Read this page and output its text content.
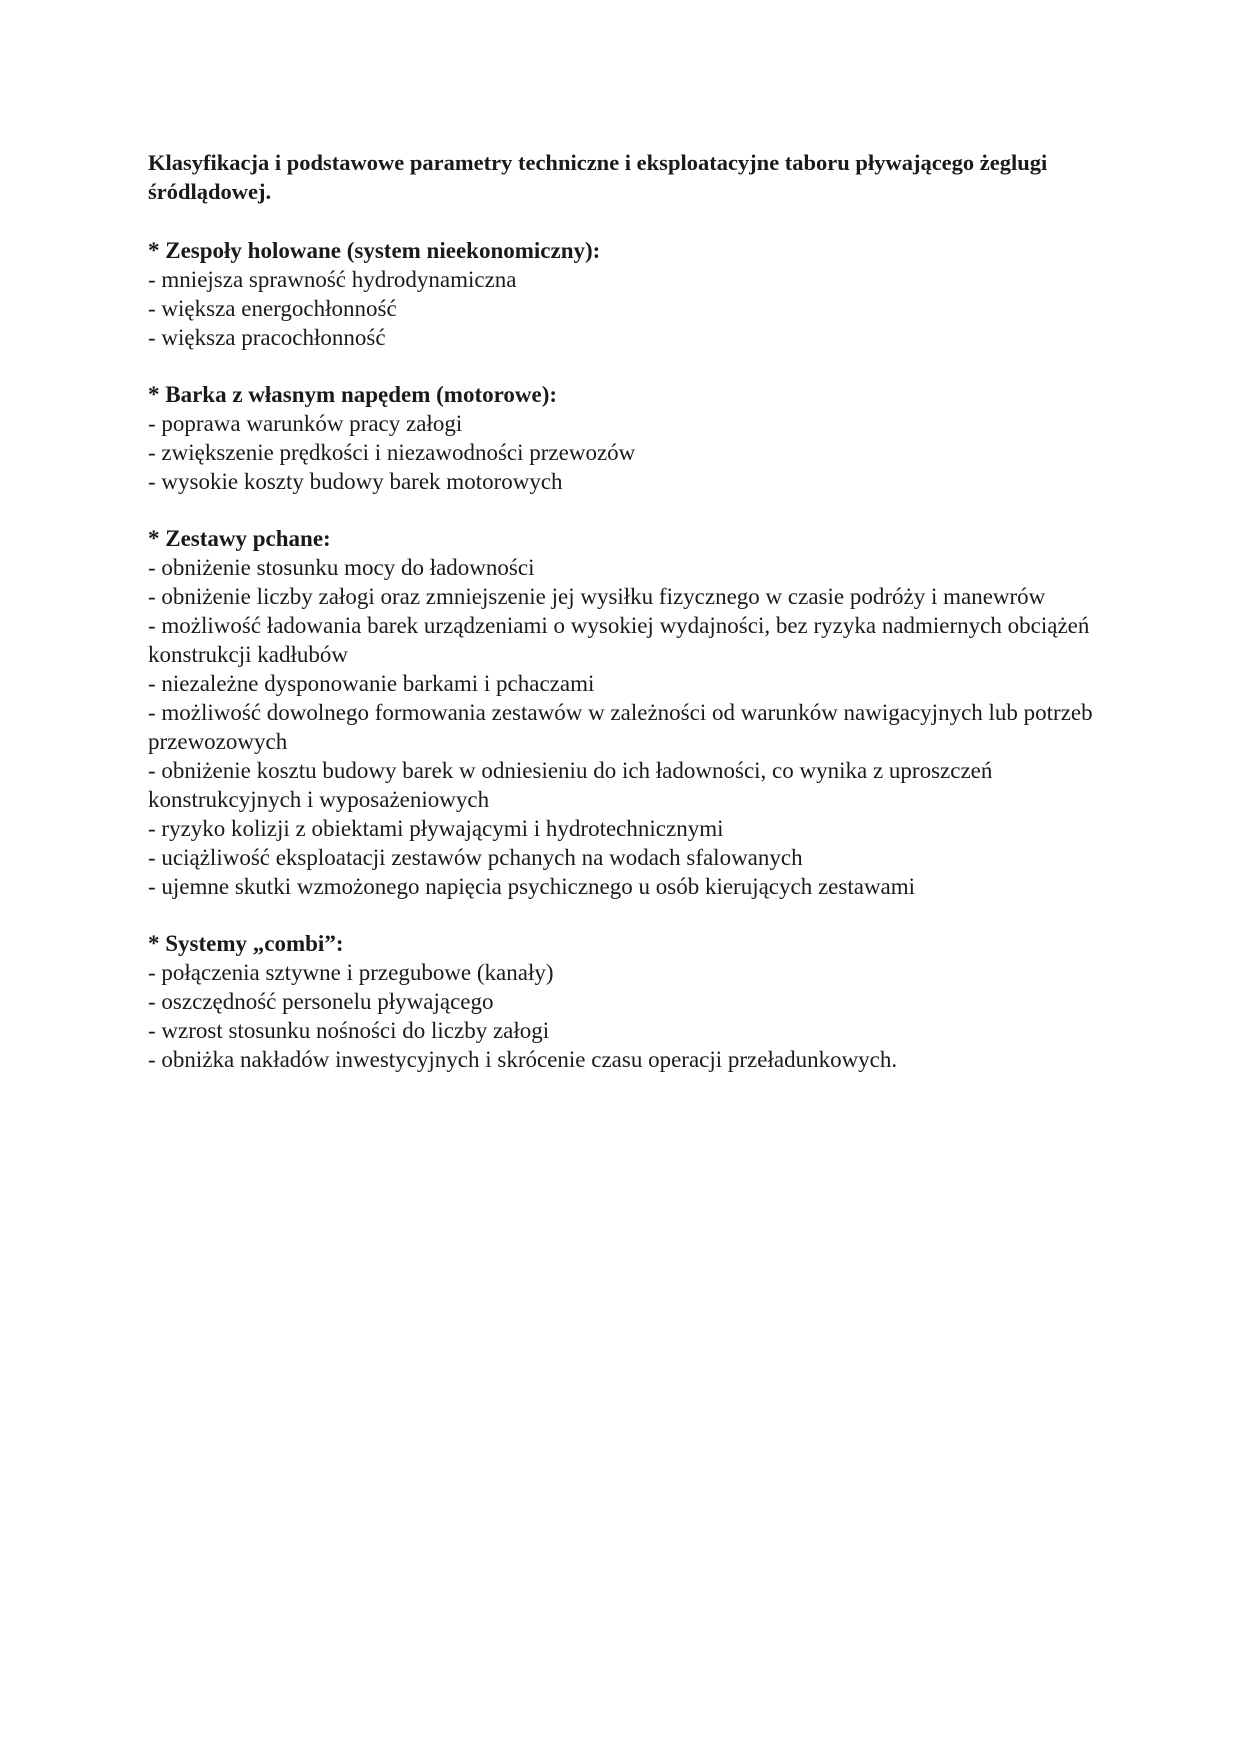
Klasyfikacja i podstawowe parametry techniczne i eksploatacyjne taboru pływającego żeglugi śródlądowej.
* Zespoły holowane (system nieekonomiczny):
- mniejsza sprawność hydrodynamiczna
- większa energochłonność
- większa pracochłonność
* Barka z własnym napędem (motorowe):
- poprawa warunków pracy załogi
- zwiększenie prędkości i niezawodności przewozów
- wysokie koszty budowy barek motorowych
* Zestawy pchane:
- obniżenie stosunku mocy do ładowności
- obniżenie liczby załogi oraz zmniejszenie jej wysiłku fizycznego w czasie podróży i manewrów
- możliwość ładowania barek urządzeniami o wysokiej wydajności, bez ryzyka nadmiernych obciążeń konstrukcji kadłubów
- niezależne dysponowanie barkami i pchaczami
- możliwość dowolnego formowania zestawów w zależności od warunków nawigacyjnych lub potrzeb przewozowych
- obniżenie kosztu budowy barek w odniesieniu do ich ładowności, co wynika z uproszczeń konstrukcyjnych i wyposażeniowych
- ryzyko kolizji z obiektami pływającymi i hydrotechnicznymi
- uciążliwość eksploatacji zestawów pchanych na wodach sfalowanych
- ujemne skutki wzmożonego napięcia psychicznego u osób kierujących zestawami
* Systemy „combi”:
- połączenia sztywne i przegubowe (kanały)
- oszczędność personelu pływającego
- wzrost stosunku nośności do liczby załogi
- obniżka nakładów inwestycyjnych i skrócenie czasu operacji przeładunkowych.
